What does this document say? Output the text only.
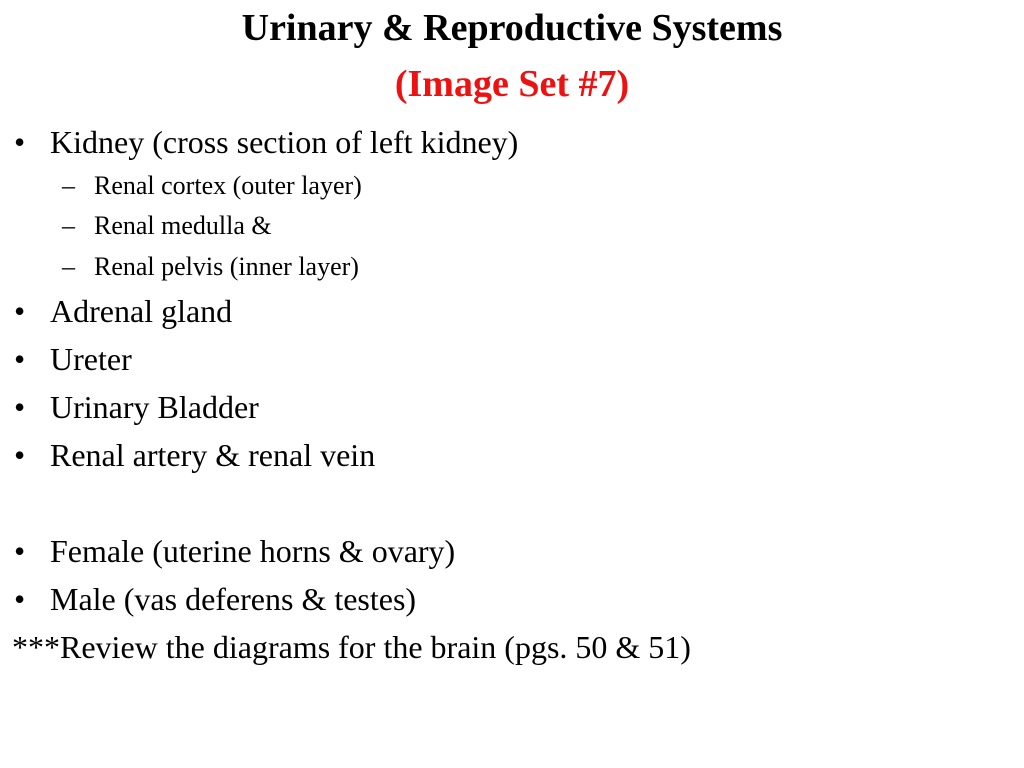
Urinary & Reproductive Systems
(Image Set #7)
• Kidney (cross section of left kidney)
– Renal cortex (outer layer)
– Renal medulla &
– Renal pelvis (inner layer)
• Adrenal gland
• Ureter
• Urinary Bladder
• Renal artery & renal vein
• Female (uterine horns & ovary)
• Male (vas deferens & testes)
***Review the diagrams for the brain (pgs. 50 & 51)
